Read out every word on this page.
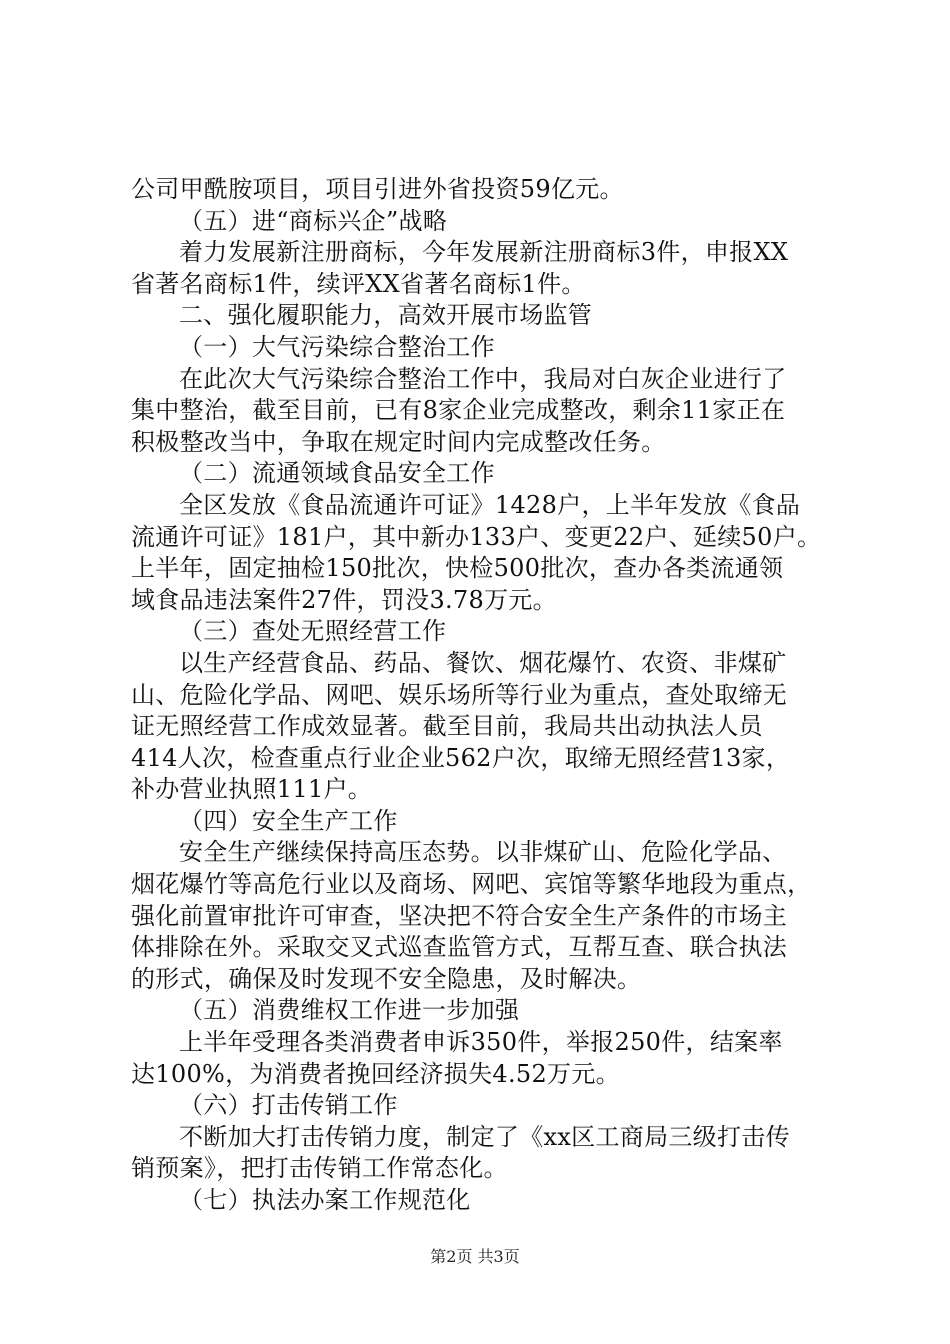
公司甲酰胺项目，项目引进外省投资59亿元。
（五）进“商标兴企”战略
着力发展新注册商标，今年发展新注册商标3件，申报XX
省著名商标1件，续评XX省著名商标1件。
二、强化履职能力，高效开展市场监管
（一）大气污染综合整治工作
在此次大气污染综合整治工作中，我局对白灰企业进行了
集中整治，截至目前，已有8家企业完成整改，剩余11家正在
积极整改当中，争取在规定时间内完成整改任务。
（二）流通领域食品安全工作
全区发放《食品流通许可证》1428户，上半年发放《食品
流通许可证》181户，其中新办133户、变更22户、延续50户。
上半年，固定抽检150批次，快检500批次，查办各类流通领
域食品违法案件27件，罚没3.78万元。
（三）查处无照经营工作
以生产经营食品、药品、餐饮、烟花爆竹、农资、非煤矿
山、危险化学品、网吧、娱乐场所等行业为重点，查处取缔无
证无照经营工作成效显著。截至目前，我局共出动执法人员
414人次，检查重点行业企业562户次，取缔无照经营13家，
补办营业执照111户。
（四）安全生产工作
安全生产继续保持高压态势。以非煤矿山、危险化学品、
烟花爆竹等高危行业以及商场、网吧、宾馆等繁华地段为重点，
强化前置审批许可审查，坚决把不符合安全生产条件的市场主
体排除在外。采取交叉式巡查监管方式，互帮互查、联合执法
的形式，确保及时发现不安全隐患，及时解决。
（五）消费维权工作进一步加强
上半年受理各类消费者申诉350件，举报250件，结案率
达100%，为消费者挽回经济损失4.52万元。
（六）打击传销工作
不断加大打击传销力度，制定了《xx区工商局三级打击传
销预案》，把打击传销工作常态化。
（七）执法办案工作规范化
第2页 共3页
